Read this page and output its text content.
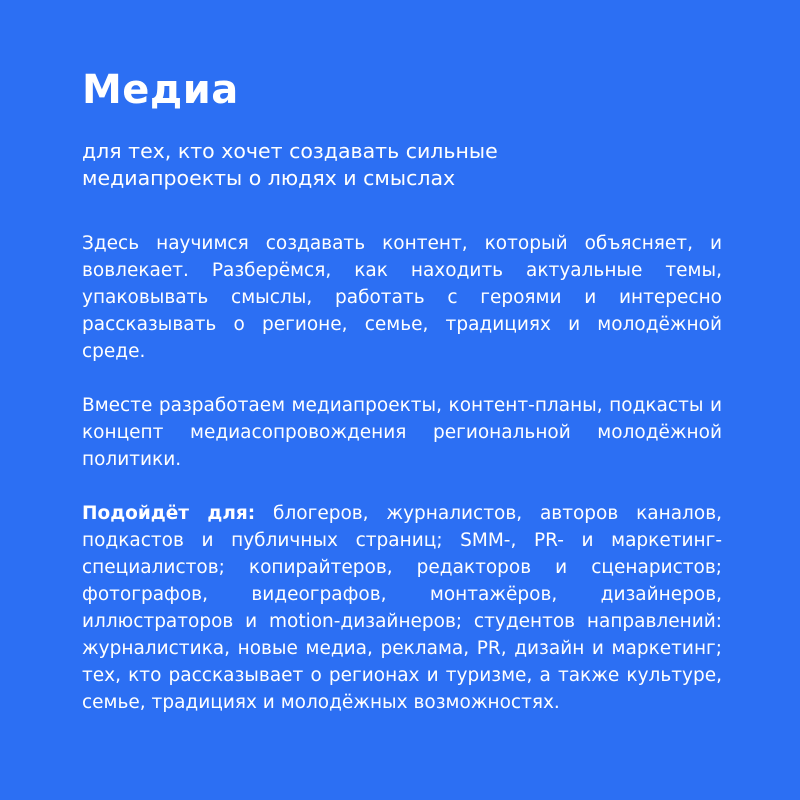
Медиа

для тех, кто хочет создавать сильные медиапроекты о людях и смыслах

Здесь научимся создавать контент, который объясняет, и вовлекает. Разберёмся, как находить актуальные темы, упаковывать смыслы, работать с героями и интересно рассказывать о регионе, семье, традициях и молодёжной среде.

Вместе разработаем медиапроекты, контент-планы, подкасты и концепт медиасопровождения региональной молодёжной политики.

Подойдёт для: блогеров, журналистов, авторов каналов, подкастов и публичных страниц; SMM-, PR- и маркетинг-специалистов; копирайтеров, редакторов и сценаристов; фотографов, видеографов, монтажёров, дизайнеров, иллюстраторов и motion-дизайнеров; студентов направлений: журналистика, новые медиа, реклама, PR, дизайн и маркетинг; тех, кто рассказывает о регионах и туризме, а также культуре, семье, традициях и молодёжных возможностях.
